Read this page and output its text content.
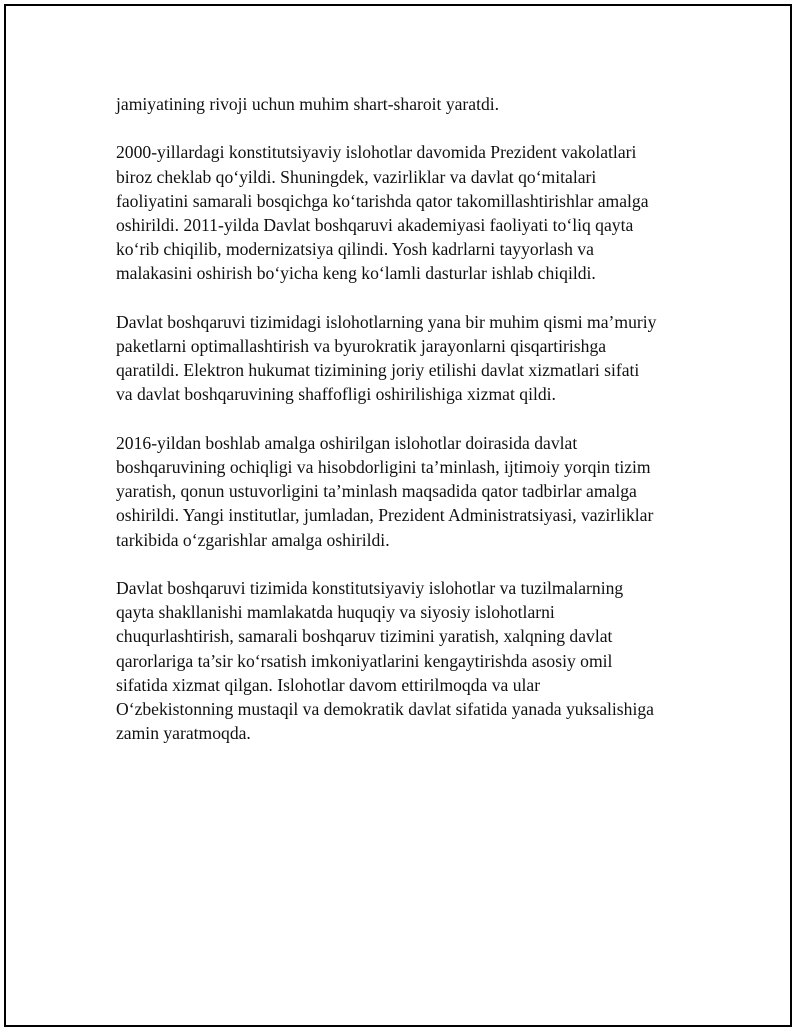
jamiyatining rivoji uchun muhim shart-sharoit yaratdi.

2000-yillardagi konstitutsiyaviy islohotlar davomida Prezident vakolatlari
biroz cheklab qo‘yildi. Shuningdek, vazirliklar va davlat qo‘mitalari
faoliyatini samarali bosqichga ko‘tarishda qator takomillashtirishlar amalga
oshirildi. 2011-yilda Davlat boshqaruvi akademiyasi faoliyati to‘liq qayta
ko‘rib chiqilib, modernizatsiya qilindi. Yosh kadrlarni tayyorlash va
malakasini oshirish bo‘yicha keng ko‘lamli dasturlar ishlab chiqildi.

Davlat boshqaruvi tizimidagi islohotlarning yana bir muhim qismi ma’muriy
paketlarni optimallashtirish va byurokratik jarayonlarni qisqartirishga
qaratildi. Elektron hukumat tizimining joriy etilishi davlat xizmatlari sifati
va davlat boshqaruvining shaffofligi oshirilishiga xizmat qildi.

2016-yildan boshlab amalga oshirilgan islohotlar doirasida davlat
boshqaruvining ochiqligi va hisobdorligini ta’minlash, ijtimoiy yorqin tizim
yaratish, qonun ustuvorligini ta’minlash maqsadida qator tadbirlar amalga
oshirildi. Yangi institutlar, jumladan, Prezident Administratsiyasi, vazirliklar
tarkibida o‘zgarishlar amalga oshirildi.

Davlat boshqaruvi tizimida konstitutsiyaviy islohotlar va tuzilmalarning
qayta shakllanishi mamlakatda huquqiy va siyosiy islohotlarni
chuqurlashtirish, samarali boshqaruv tizimini yaratish, xalqning davlat
qarorlariga ta’sir ko‘rsatish imkoniyatlarini kengaytirishda asosiy omil
sifatida xizmat qilgan. Islohotlar davom ettirilmoqda va ular
O‘zbekistonning mustaqil va demokratik davlat sifatida yanada yuksalishiga
zamin yaratmoqda.
